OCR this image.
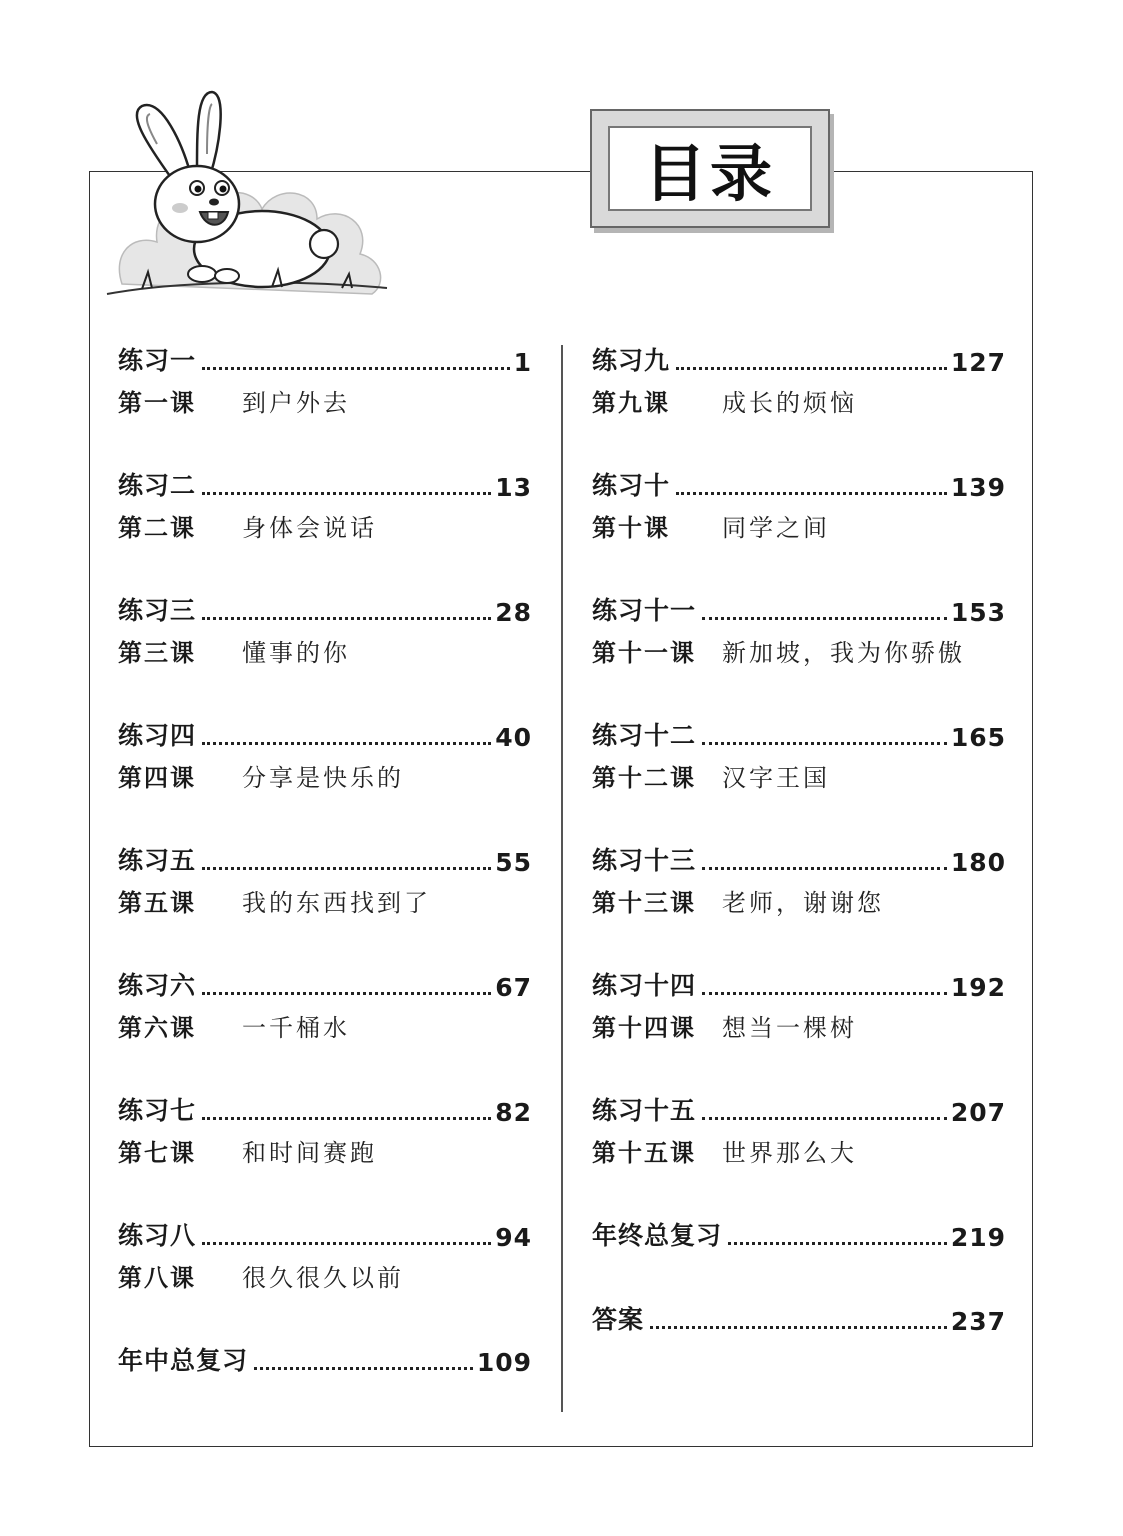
目录
练习一	1
第一课	到户外去
练习二	13
第二课	身体会说话
练习三	28
第三课	懂事的你
练习四	40
第四课	分享是快乐的
练习五	55
第五课	我的东西找到了
练习六	67
第六课	一千桶水
练习七	82
第七课	和时间赛跑
练习八	94
第八课	很久很久以前
年中总复习	109
练习九	127
第九课	成长的烦恼
练习十	139
第十课	同学之间
练习十一	153
第十一课	新加坡，我为你骄傲
练习十二	165
第十二课	汉字王国
练习十三	180
第十三课	老师，谢谢您
练习十四	192
第十四课	想当一棵树
练习十五	207
第十五课	世界那么大
年终总复习	219
答案	237
